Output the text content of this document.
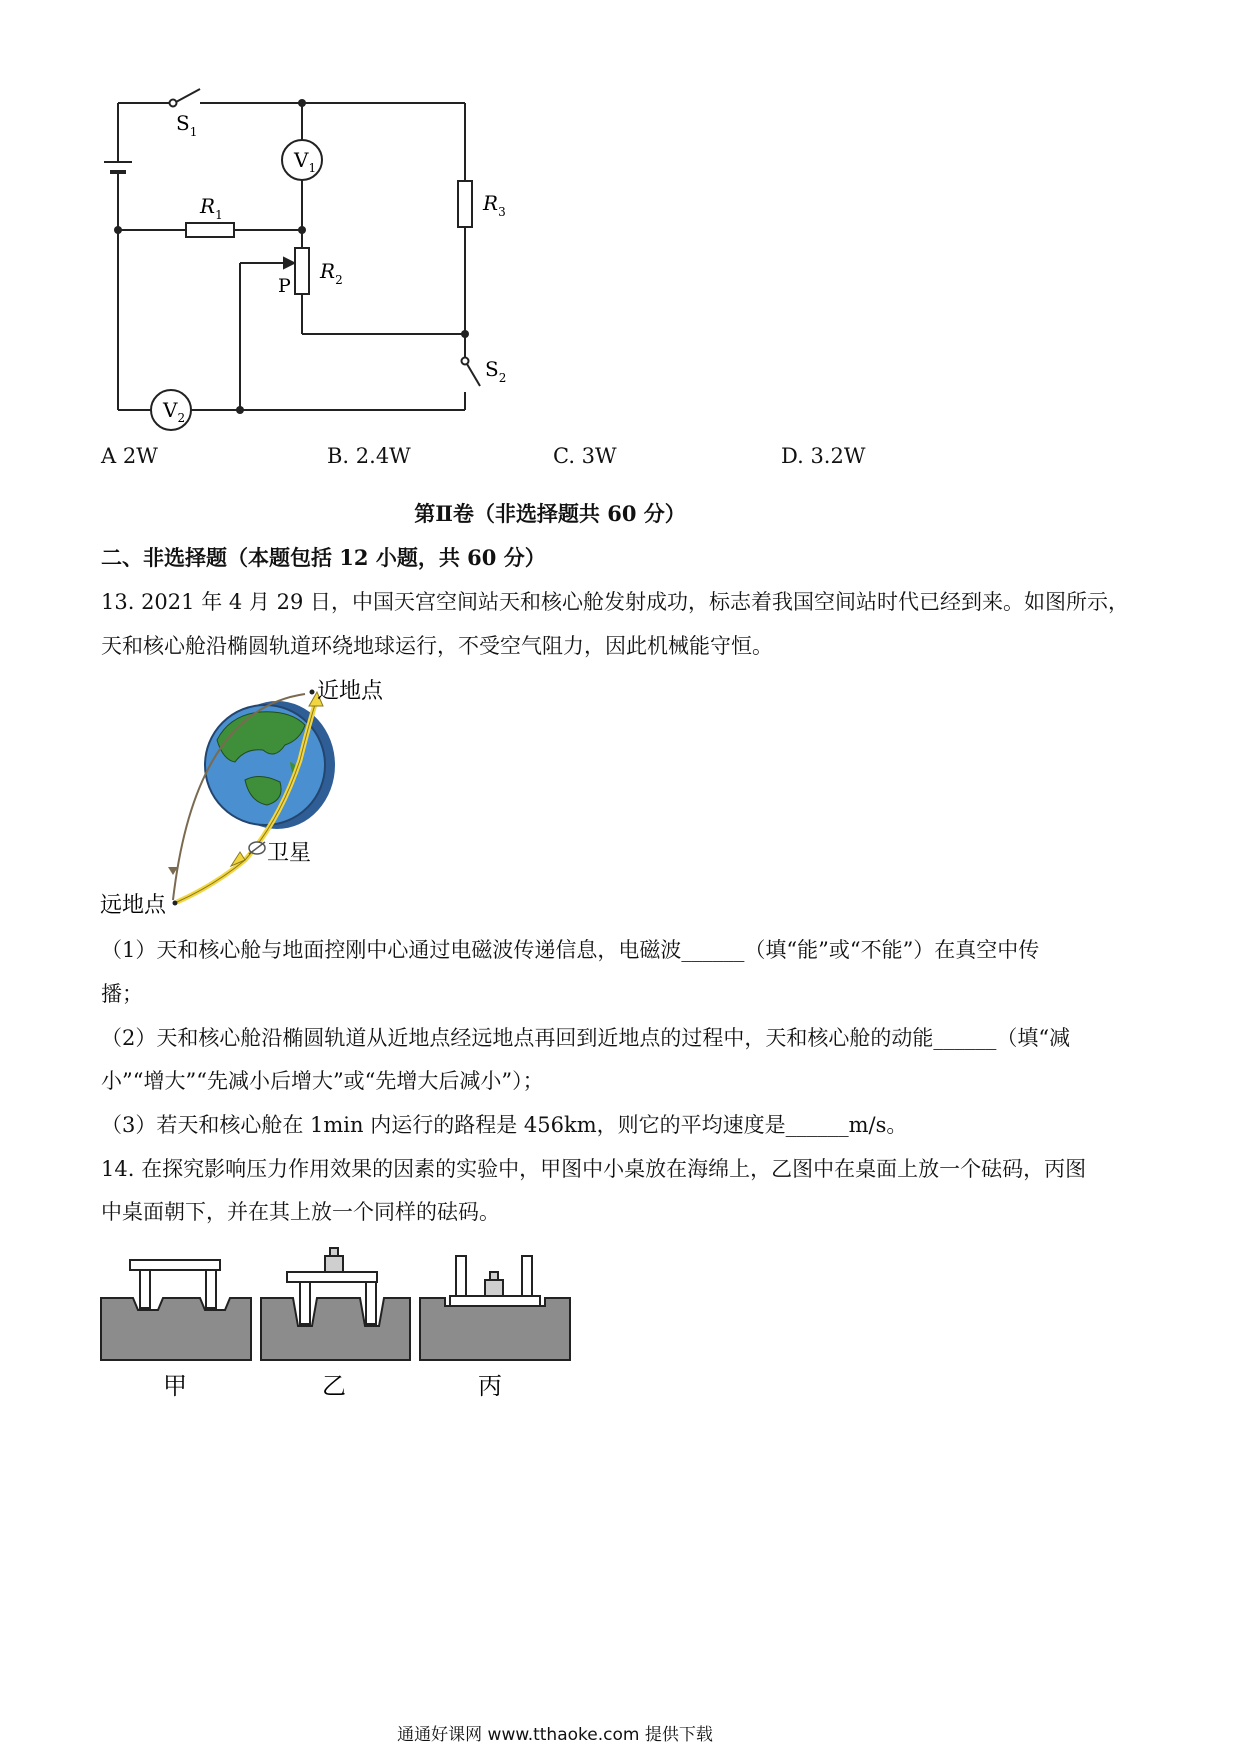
$S_1$
$V_1$
$V_2$
$R_1$
$R_2$
$R_3$
P
$S_2$
A 2W	B. 2.4W	C. 3W	D. 3.2W
第Ⅱ卷（非选择题共 60 分）
二、非选择题（本题包括 12 小题，共 60 分）
13. 2021 年 4 月 29 日，中国天宫空间站天和核心舱发射成功，标志着我国空间站时代已经到来。如图所示，
天和核心舱沿椭圆轨道环绕地球运行，不受空气阻力，因此机械能守恒。
近地点
卫星
远地点
（1）天和核心舱与地面控刚中心通过电磁波传递信息，电磁波______（填“能”或“不能”）在真空中传
播；
（2）天和核心舱沿椭圆轨道从近地点经远地点再回到近地点的过程中，天和核心舱的动能______（填“减
小”“增大”“先减小后增大”或“先增大后减小”）；
（3）若天和核心舱在 1min 内运行的路程是 456km，则它的平均速度是______m/s。
14. 在探究影响压力作用效果的因素的实验中，甲图中小桌放在海绵上，乙图中在桌面上放一个砝码，丙图
中桌面朝下，并在其上放一个同样的砝码。
甲	乙	丙
通通好课网 www.tthaoke.com 提供下载
